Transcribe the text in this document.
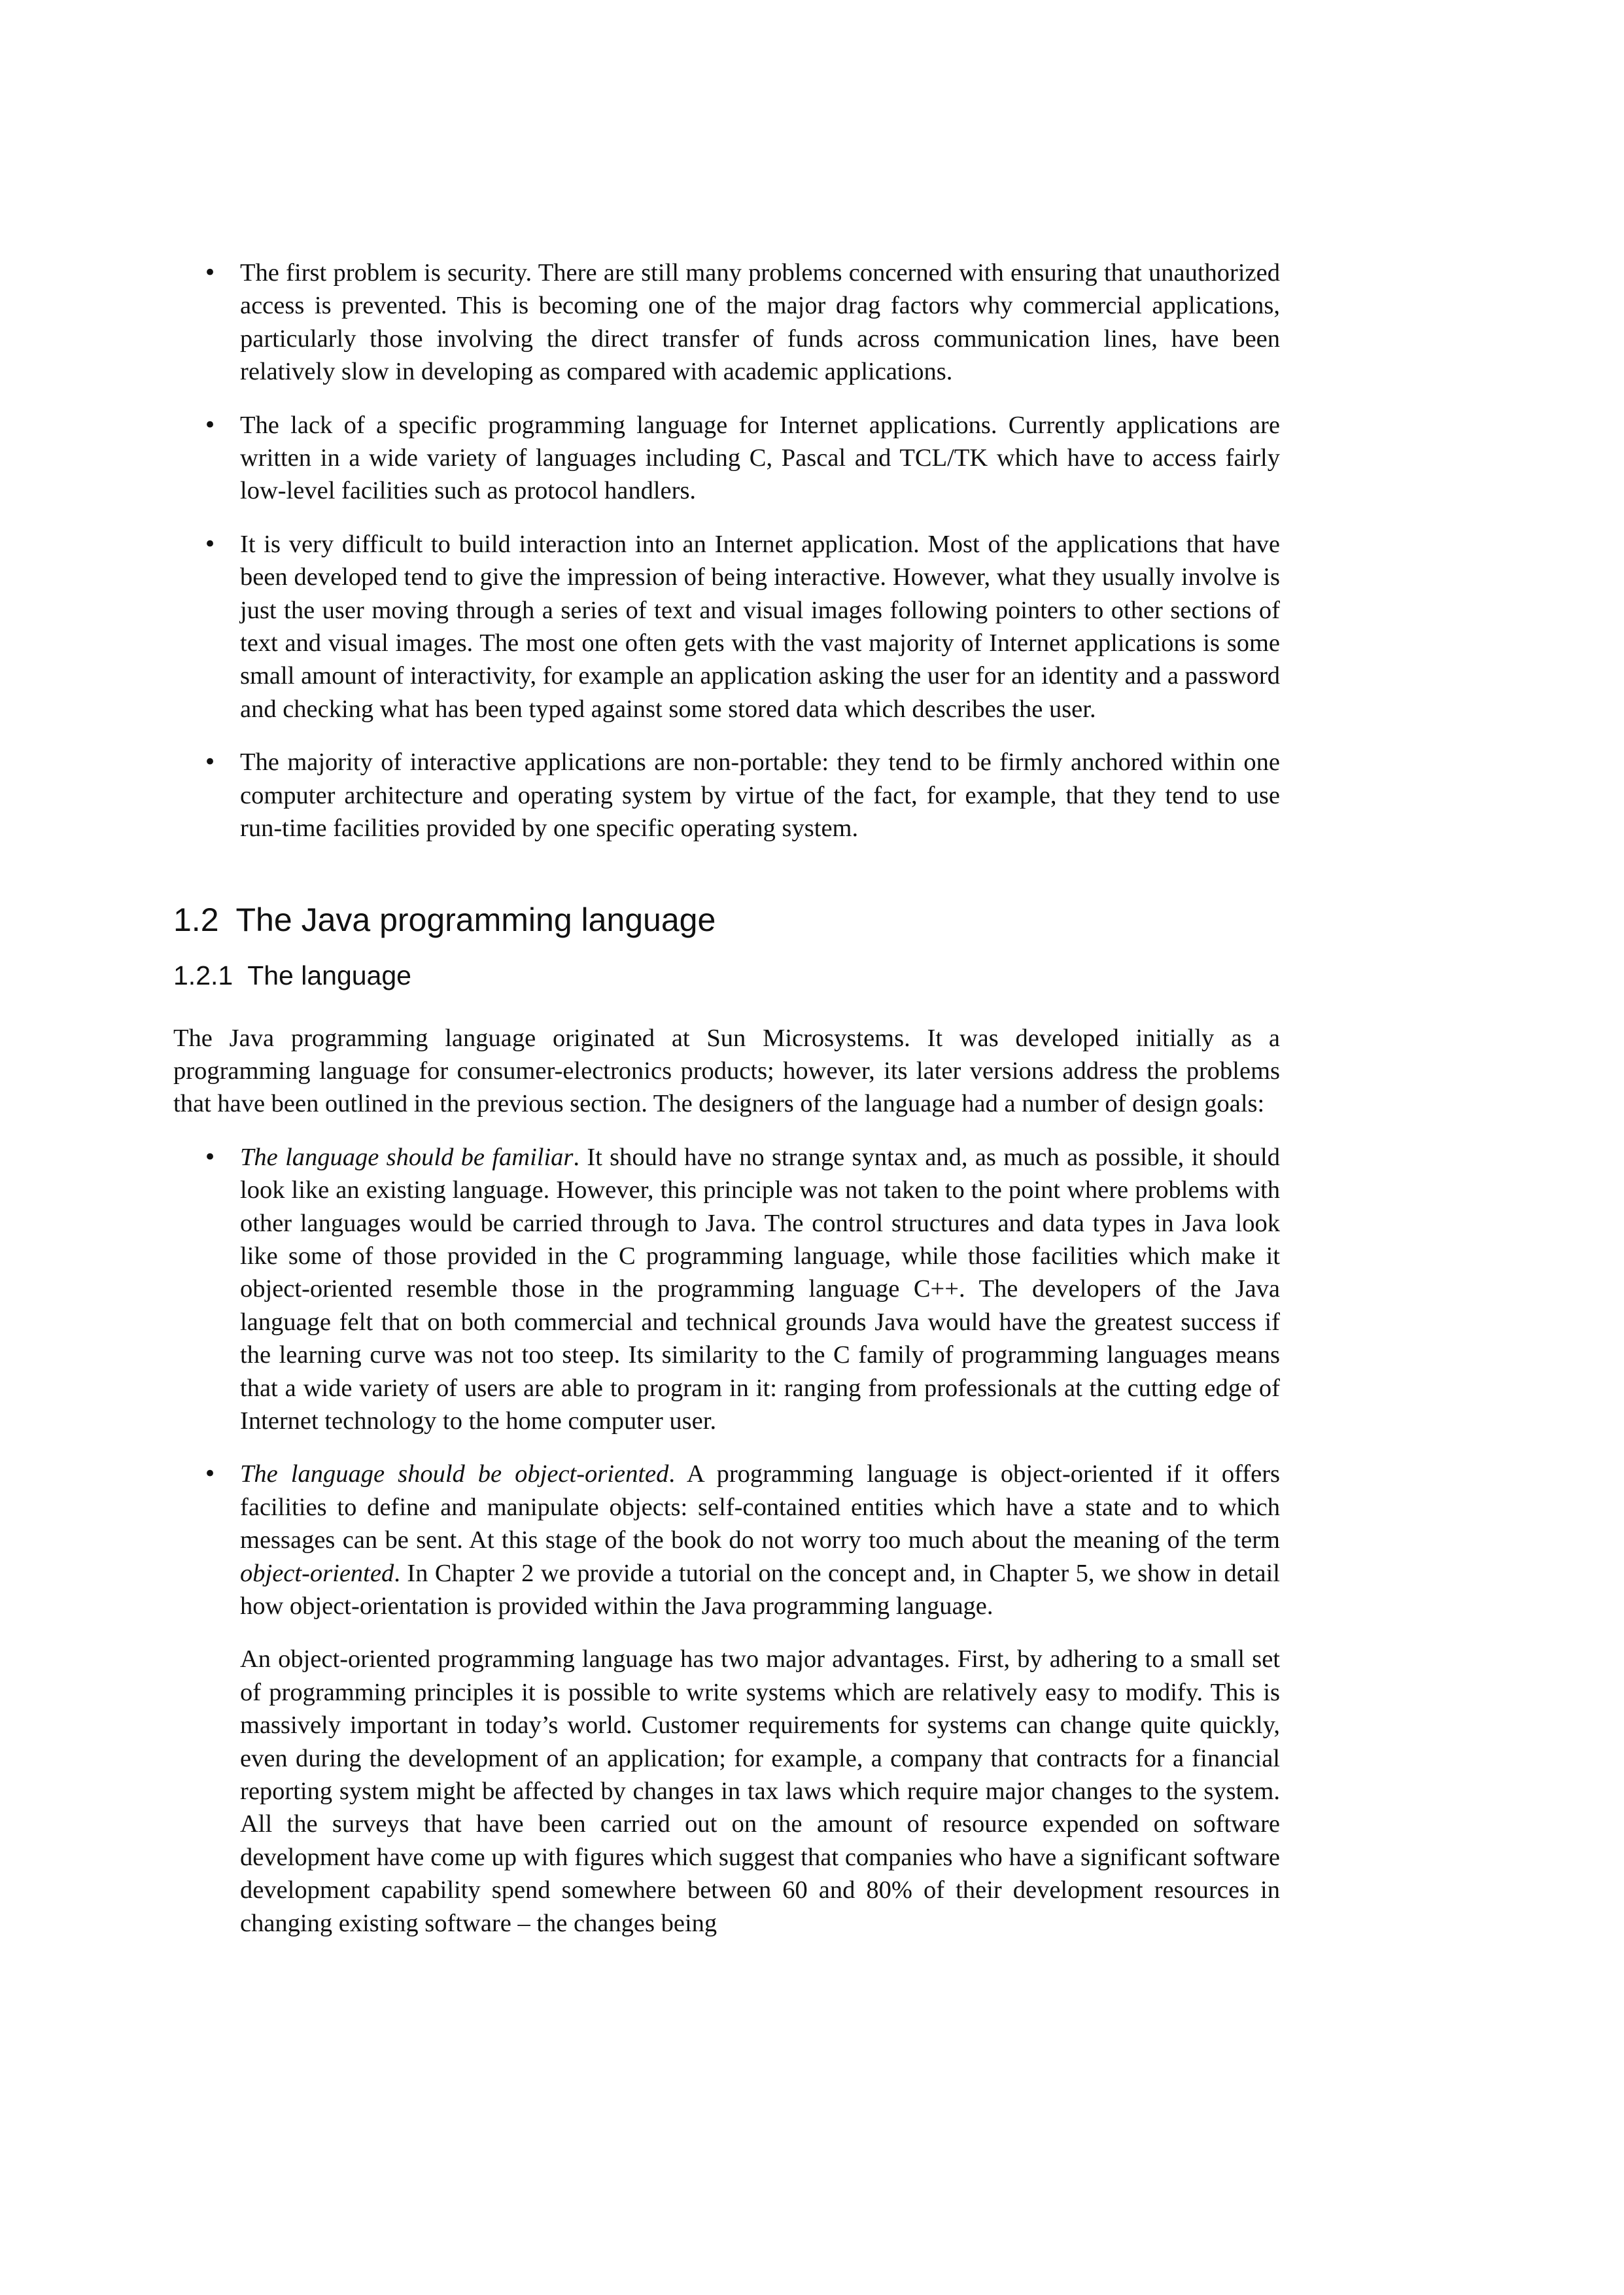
• The first problem is security. There are still many problems concerned with ensuring that unauthorized access is prevented. This is becoming one of the major drag factors why commercial applications, particularly those involving the direct transfer of funds across communication lines, have been relatively slow in developing as compared with academic applications.

• The lack of a specific programming language for Internet applications. Currently applications are written in a wide variety of languages including C, Pascal and TCL/TK which have to access fairly low-level facilities such as protocol handlers.

• It is very difficult to build interaction into an Internet application. Most of the applications that have been developed tend to give the impression of being interactive. However, what they usually involve is just the user moving through a series of text and visual images following pointers to other sections of text and visual images. The most one often gets with the vast majority of Internet applications is some small amount of interactivity, for example an application asking the user for an identity and a password and checking what has been typed against some stored data which describes the user.

• The majority of interactive applications are non-portable: they tend to be firmly anchored within one computer architecture and operating system by virtue of the fact, for example, that they tend to use run-time facilities provided by one specific operating system.

1.2 The Java programming language
1.2.1 The language

The Java programming language originated at Sun Microsystems. It was developed initially as a programming language for consumer-electronics products; however, its later versions address the problems that have been outlined in the previous section. The designers of the language had a number of design goals:

• The language should be familiar. It should have no strange syntax and, as much as possible, it should look like an existing language. However, this principle was not taken to the point where problems with other languages would be carried through to Java. The control structures and data types in Java look like some of those provided in the C programming language, while those facilities which make it object-oriented resemble those in the programming language C++. The developers of the Java language felt that on both commercial and technical grounds Java would have the greatest success if the learning curve was not too steep. Its similarity to the C family of programming languages means that a wide variety of users are able to program in it: ranging from professionals at the cutting edge of Internet technology to the home computer user.

• The language should be object-oriented. A programming language is object-oriented if it offers facilities to define and manipulate objects: self-contained entities which have a state and to which messages can be sent. At this stage of the book do not worry too much about the meaning of the term object-oriented. In Chapter 2 we provide a tutorial on the concept and, in Chapter 5, we show in detail how object-orientation is provided within the Java programming language.

An object-oriented programming language has two major advantages. First, by adhering to a small set of programming principles it is possible to write systems which are relatively easy to modify. This is massively important in today’s world. Customer requirements for systems can change quite quickly, even during the development of an application; for example, a company that contracts for a financial reporting system might be affected by changes in tax laws which require major changes to the system. All the surveys that have been carried out on the amount of resource expended on software development have come up with figures which suggest that companies who have a significant software development capability spend somewhere between 60 and 80% of their development resources in changing existing software – the changes being
